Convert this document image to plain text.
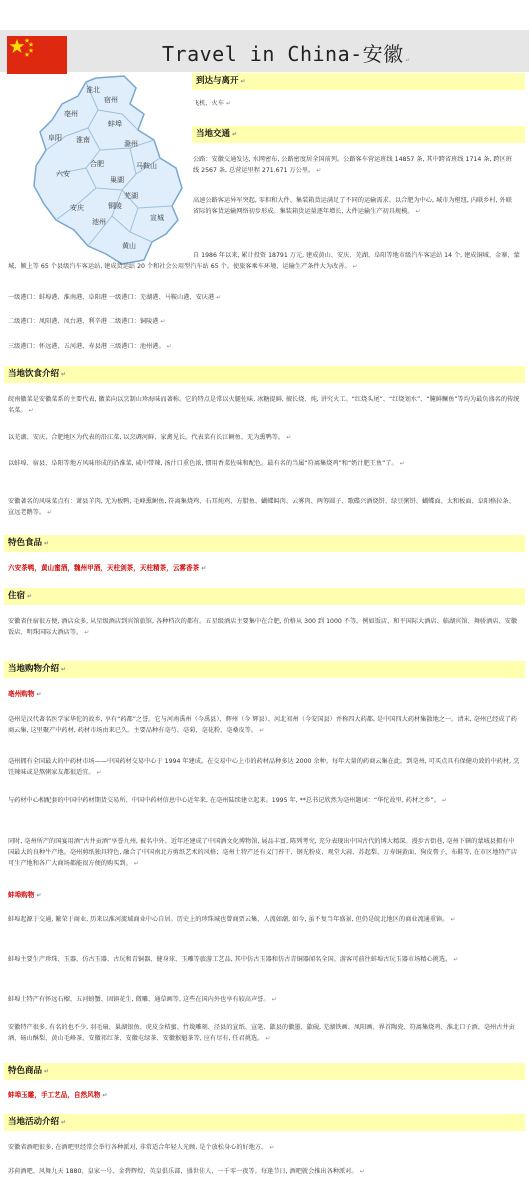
Travel in China-安徽 ↵
淮北
宿州
亳州
蚌埠
阜阳 淮南	滁州
六安
合肥
巢湖
马鞍山
芜湖
安庆
池州
铜陵
宣城
黄山
到达与离开 ↵
飞机、火车 ↵
当地交通 ↵
公路：安徽交通发达, 水网密布, 公路密度居全国前列。公路客车营运班线 14857 条, 其中跨省班线 1714 条, 跨区班线 2567 条, 总营运里程 271.671 万公里。 ↵
高速公路客运异军突起, 零担和大件、集装箱货运满足了不同的运输需求。以合肥为中心, 城市为枢纽, 内联乡村, 外联省际的客货运输网络初步形成。集装箱货运量逐年增长, 大件运输生产初具规模。 ↵
自 1986 年以来, 累计投资 18791 万元, 建成黄山、安庆、芜湖、阜阳等地市级汽车客运站 14 个, 建成铜城、金寨、蒙城、颍上等 65 个县级汽车客运站, 建成货运站 20 个和社会公用型汽车站 65 个。使旅客乘车环境、运输生产条件大为改善。 ↵
一级港口：蚌埠港、淮南港、阜阳港 一级港口：芜湖港、马鞍山港、安庆港 ↵
二级港口：凤阳港、凤台港、利辛港 二级港口：铜陵港 ↵
三级港口：怀远港、五河港、寿县港 三级港口：池州港。 ↵
当地饮食介绍 ↵
皖南徽菜是安徽菜系的主要代表, 徽菜向以烹制山珍海味而著称。它的特点是常以火腿佐味, 冰糖提鲜, 擅长烧、炖, 讲究火工。“红烧头尾”、“红烧划水”、“腌鲜鳜鱼”等均为最负盛名的传统名菜。 ↵
以芜湖、安庆、合肥地区为代表的沿江菜, 以烹调河鲜、家禽见长。代表菜有长江鲥鱼、无为熏鸭等。 ↵
以蚌埠、宿县、阜阳等地方风味形成的沿淮菜, 咸中带辣, 汤汁口重色浓, 惯用香菜佐味和配色。最有名的当属“符离集烧鸡”和“奶汁肥王鱼”了。 ↵
安徽著名的风味菜点有：萧县羊肉, 无为板鸭, 毛峰熏鲥鱼, 符离集烧鸡、石耳炖鸡、方腊鱼、蝴蝶鲟肉、云雾肉、两筹圆子、歌碟兴酒烧饼、绿豆粥饼、蝴蝶面、太和板面、阜阳格拉条、宣远老鹅等。 ↵
特色食品 ↵
六安茶鸭，黄山蜜酒，魏州甲酒，天柱剑茶，天柱精茶，云雾香茶 ↵
住宿 ↵
安徽省住宿很方便, 酒店众多, 从星级酒店到宾馆旅馆, 各种档次的都有。五星级酒店主要集中在合肥, 价格从 300 到 1000 不等。例如饭店、和平国际大酒店、临湖宾馆、舞骄酒店、安徽饭店、明珠国际大酒店等。 ↵
当地购物介绍 ↵
亳州购物 ↵
亳州是汉代著名医学家华佗的故乡, 享有“药都”之誉。它与河南禹州（今禹县）、辉州（今 辉县）、河北祁州（今安国县）并称四大药都, 是中国四大药材集散地之一。清末, 亳州已经成了药商云集, 这里聚产中药材, 药材市场由来已久。主要品种有亳芍、亳菊、亳花粉、亳桑皮等。 ↵
亳州拥有全国最大的中药材市场——中国药材交易中心于 1994 年建成。在交易中心上市的药材品种多达 2000 余种。每年大量的药商云集在此。到亳州, 可买点具有保健功效的中药材, 烹饪辣味或是熬粥家友都很适宜。 ↵
与药材中心相配套的中国中药材期货交易所、中国中药材信息中心近年来, 在亳州陆续建立起来。1995 年, **总书记欣然为亳州题词：“华佗故里, 药材之乡”。 ↵
同时, 亳州所产的国宴用酒“古井贡酒”享誉九州, 被名中外。近年还建成了中国酒文化博物馆, 展品丰富, 陈列考究, 充分表现出中国古代的博大精深。漫步古街巷, 亳州下辖的蒙城县拥有中国最大的良种牛产地。亳州剪纸独具特色, 融合了中国南北方剪纸艺术的风格；亳州土特产还有义门苔干、钢光粉皮、观堂大蒜、苏起梨、万寿铜黄面、狗皮膏子、布鞋等, 在市区地特产店可生产地和各广大商场都能很方便的购买到。 ↵
蚌埠购物 ↵
蚌埠起源于交通, 繁荣于商业, 历来以淮河流域商业中心自居。历史上的珍珠城也曾商贾云集、人流如潮, 如今, 虽不复当年盛景, 但仍是皖北地区的商业流通重镇。 ↵
蚌埠主要生产珍珠、玉器、仿古玉器、古玩和青铜器、健身球、玉雕等旅游工艺品, 其中仿古玉器和仿古青铜器闻名全国。游客可前往蚌埠古玩玉器市场精心挑选。 ↵
蚌埠土特产有怀远石榴、五河螃蟹、固镇花生, 微雕、通草画等, 这些在国内外也享有较高声誉。 ↵
安徽特产很多, 有名的也不少, 羽毛扇、巢湖银鱼、虎皮金桔蜜、竹篾雕刻、泾县的宣纸、宣笔、歙县的徽墨、歙砚, 芜湖铁画、凤阳画、界首陶瓷、符离集烧鸡、淮北口子酒、亳州古井贡酒、砀山酥梨、黄山毛峰茶、安徽祁红茶、安徽屯绿茶、安徽猴魁茶等, 应有尽有, 任君挑选。 ↵
特色商品 ↵
蚌埠玉雕，手工艺品，自然风物 ↵
当地活动介绍 ↵
安徽省酒吧很多, 在酒吧里经常会举行各种派对, 非常适合年轻人光顾, 是个放松身心的好地方。 ↵
苏荷酒吧、风舞九天 1880、皇家一号、金碧辉煌、英皇俱乐部、盛世佳人、一千零一夜等。每逢节日, 酒吧就会推出各种派对。 ↵
